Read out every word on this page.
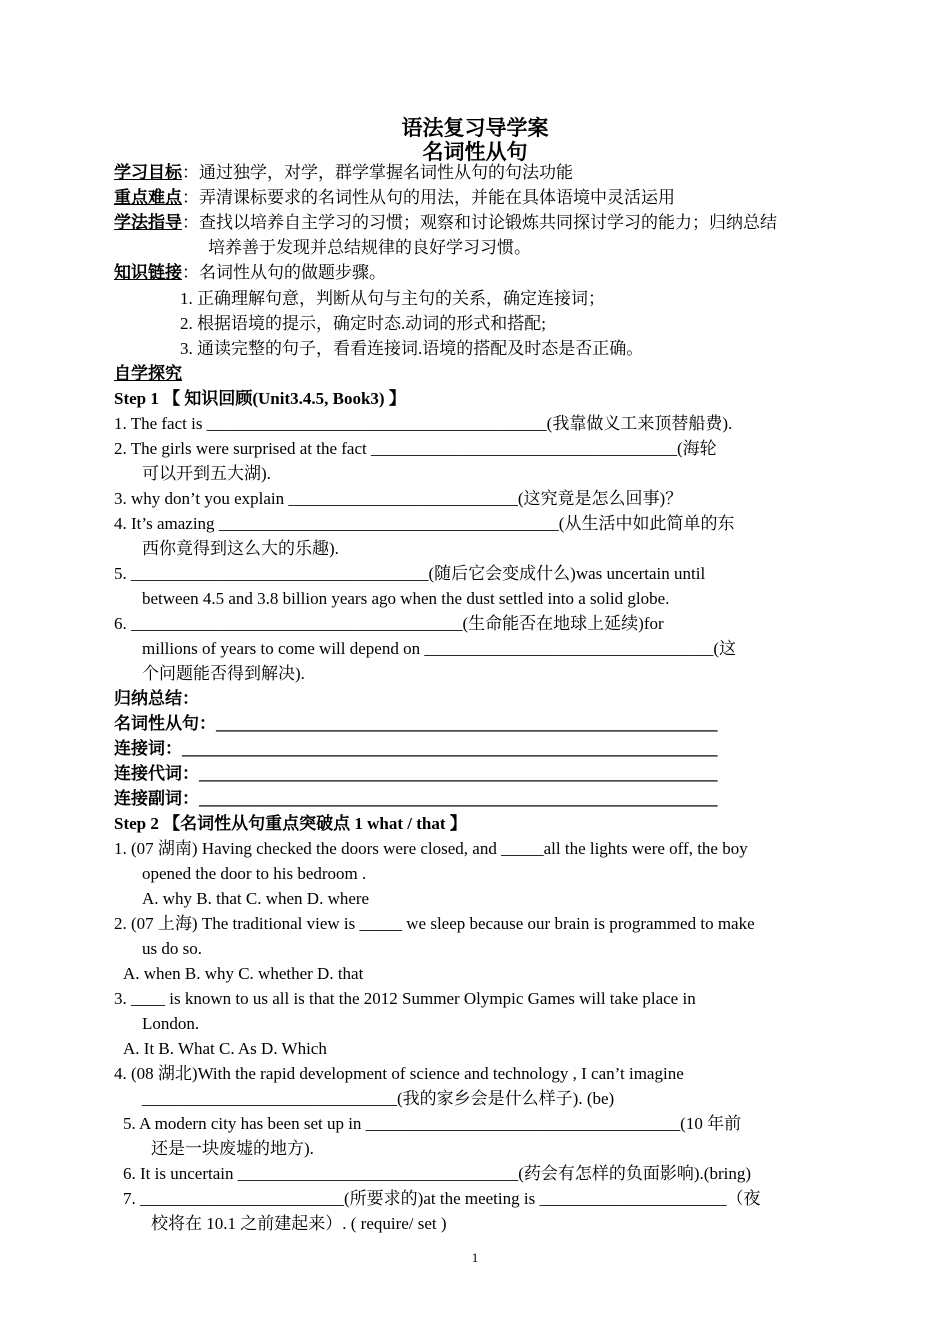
语法复习导学案
名词性从句
学习目标：通过独学，对学，群学掌握名词性从句的句法功能
重点难点：弄清课标要求的名词性从句的用法，并能在具体语境中灵活运用
学法指导：查找以培养自主学习的习惯；观察和讨论锻炼共同探讨学习的能力；归纳总结
培养善于发现并总结规律的良好学习习惯。
知识链接：名词性从句的做题步骤。
1. 正确理解句意，判断从句与主句的关系，确定连接词；
2. 根据语境的提示，确定时态.动词的形式和搭配;
3. 通读完整的句子，看看连接词.语境的搭配及时态是否正确。
自学探究
Step 1 【 知识回顾(Unit3.4.5, Book3) 】
1. The fact is ________________________________________(我靠做义工来顶替船费).
2. The girls were surprised at the fact ____________________________________(海轮
可以开到五大湖).
3. why don’t you explain ___________________________(这究竟是怎么回事)？
4. It’s amazing ________________________________________(从生活中如此简单的东
西你竟得到这么大的乐趣).
5. ___________________________________(随后它会变成什么)was uncertain until
between 4.5 and 3.8 billion years ago when the dust settled into a solid globe.
6. _______________________________________(生命能否在地球上延续)for
millions of years to come will depend on __________________________________(这
个问题能否得到解决).
归纳总结：
名词性从句：___________________________________________________________
连接词：_______________________________________________________________
连接代词：_____________________________________________________________
连接副词：_____________________________________________________________
Step 2 【名词性从句重点突破点 1 what / that 】
1. (07 湖南) Having checked the doors were closed, and _____all the lights were off, the boy
opened the door to his bedroom .
A. why B. that C. when D. where
2. (07 上海) The traditional view is _____ we sleep because our brain is programmed to make
us do so.
A. when B. why C. whether D. that
3. ____ is known to us all is that the 2012 Summer Olympic Games will take place in
London.
A. It B. What C. As D. Which
4. (08 湖北)With the rapid development of science and technology , I can’t imagine
______________________________(我的家乡会是什么样子). (be)
5. A modern city has been set up in _____________________________________(10 年前
还是一块废墟的地方).
6. It is uncertain _________________________________(药会有怎样的负面影响).(bring)
7. ________________________(所要求的)at the meeting is ______________________（夜
校将在 10.1 之前建起来）. ( require/ set )
1
